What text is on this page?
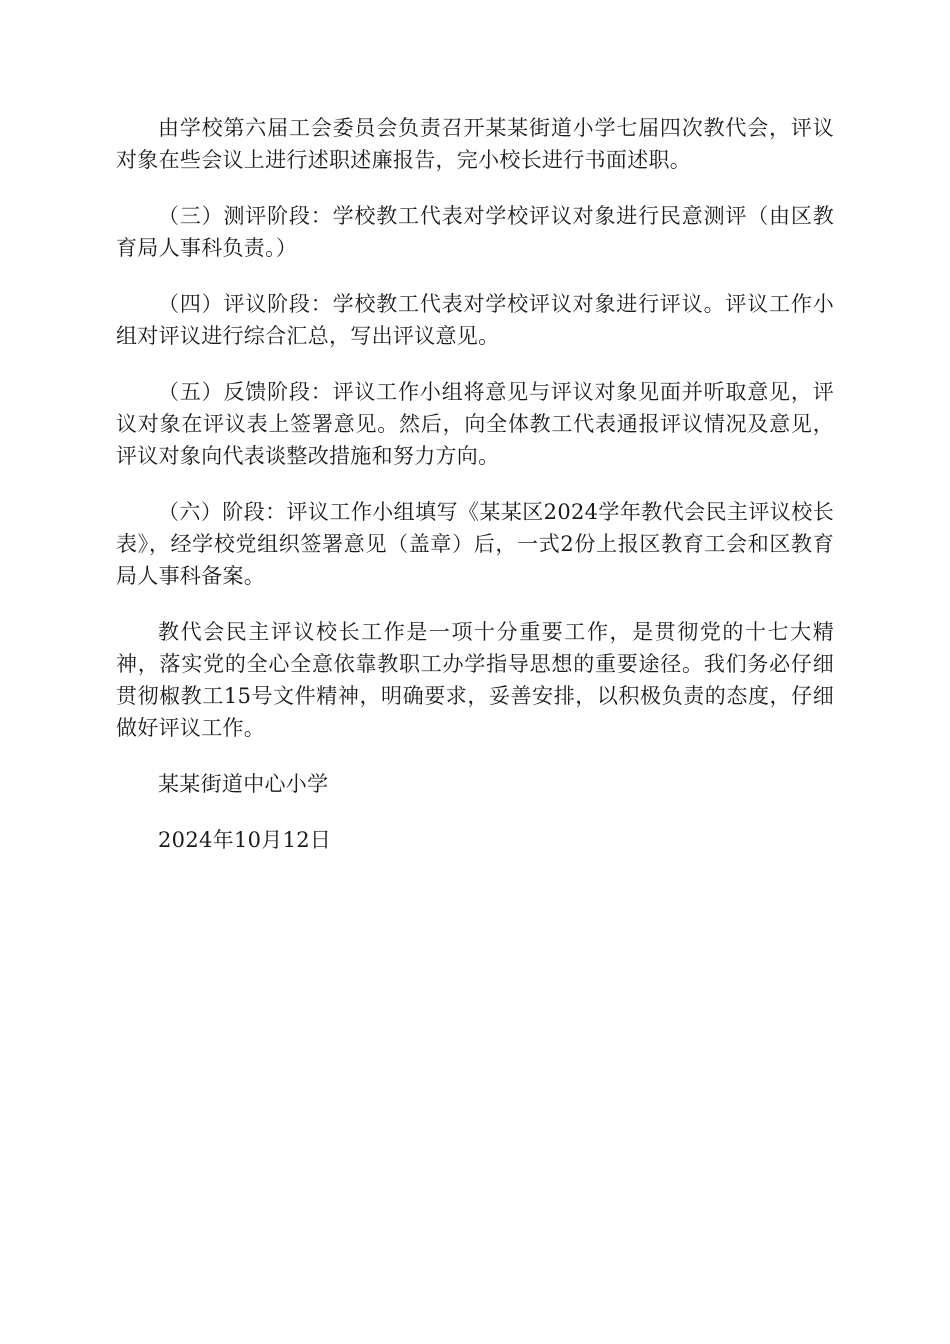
由学校第六届工会委员会负责召开某某街道小学七届四次教代会，评议对象在些会议上进行述职述廉报告，完小校长进行书面述职。

（三）测评阶段：学校教工代表对学校评议对象进行民意测评（由区教育局人事科负责。）

（四）评议阶段：学校教工代表对学校评议对象进行评议。评议工作小组对评议进行综合汇总，写出评议意见。

（五）反馈阶段：评议工作小组将意见与评议对象见面并听取意见，评议对象在评议表上签署意见。然后，向全体教工代表通报评议情况及意见，评议对象向代表谈整改措施和努力方向。

（六）阶段：评议工作小组填写《某某区2024学年教代会民主评议校长表》，经学校党组织签署意见（盖章）后，一式2份上报区教育工会和区教育局人事科备案。

教代会民主评议校长工作是一项十分重要工作，是贯彻党的十七大精神，落实党的全心全意依靠教职工办学指导思想的重要途径。我们务必仔细贯彻椒教工15号文件精神，明确要求，妥善安排，以积极负责的态度，仔细做好评议工作。

某某街道中心小学

2024年10月12日
